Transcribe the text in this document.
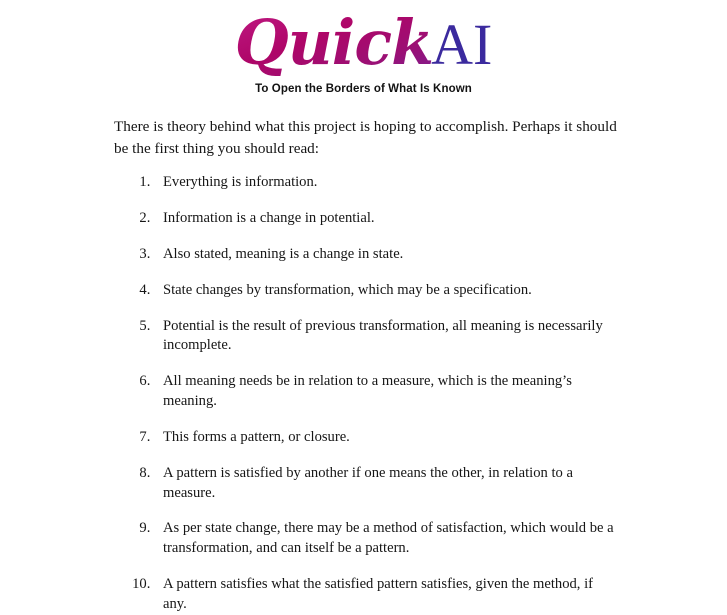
QuickAI
To Open the Borders of What Is Known

There is theory behind what this project is hoping to accomplish. Perhaps it should be the first thing you should read:

1. Everything is information.
2. Information is a change in potential.
3. Also stated, meaning is a change in state.
4. State changes by transformation, which may be a specification.
5. Potential is the result of previous transformation, all meaning is necessarily incomplete.
6. All meaning needs be in relation to a measure, which is the meaning’s meaning.
7. This forms a pattern, or closure.
8. A pattern is satisfied by another if one means the other, in relation to a measure.
9. As per state change, there may be a method of satisfaction, which would be a transformation, and can itself be a pattern.
10. A pattern satisfies what the satisfied pattern satisfies, given the method, if any.
